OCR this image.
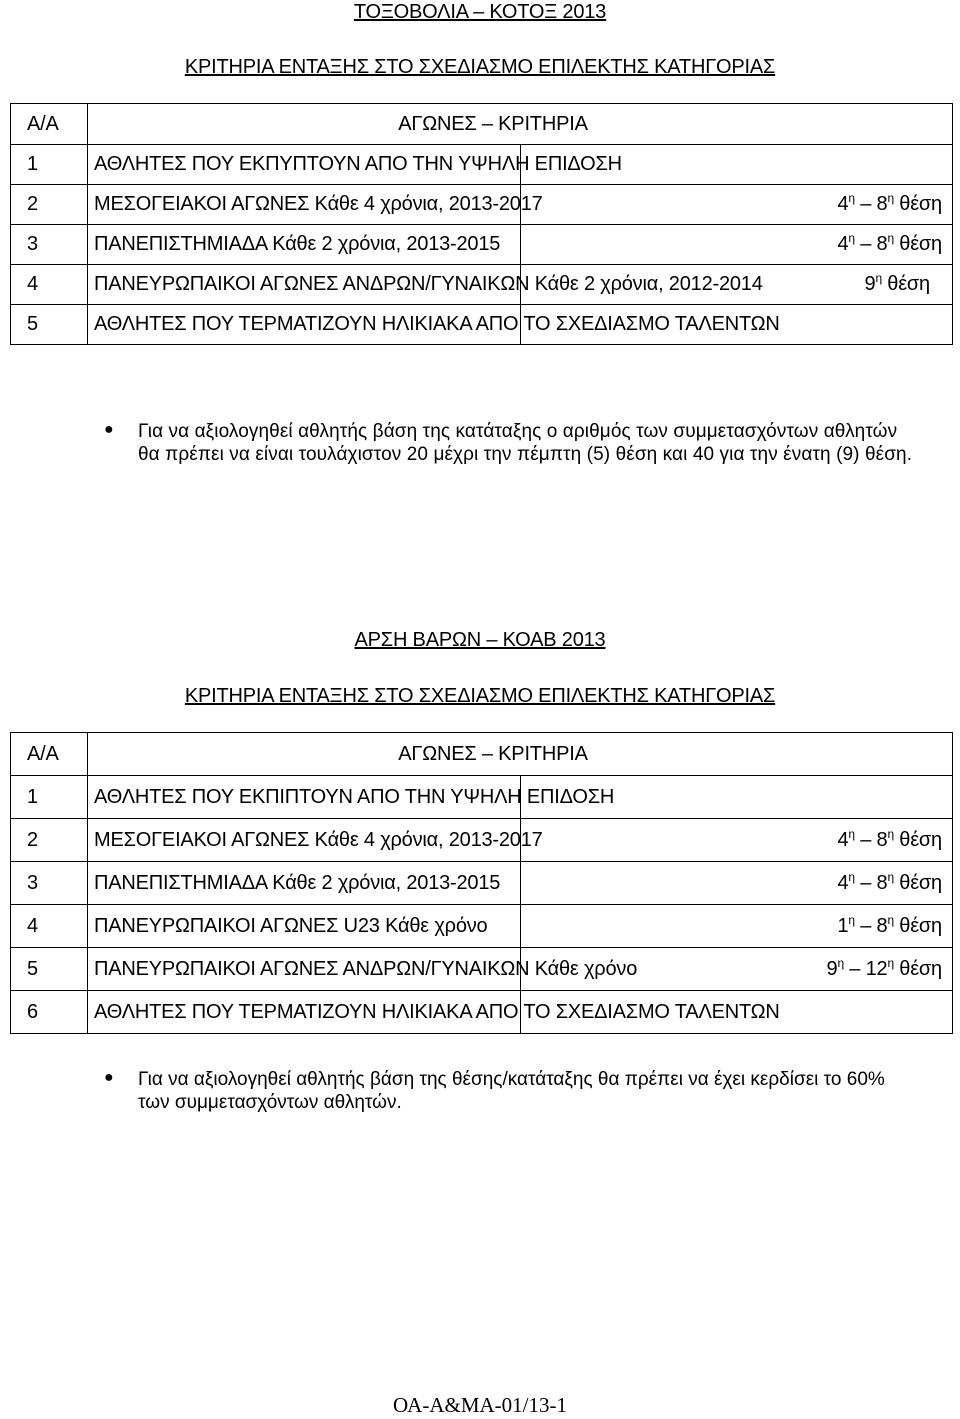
ΤΟΞΟΒΟΛΙΑ – ΚΟΤΟΞ 2013

ΚΡΙΤΗΡΙΑ ΕΝΤΑΞΗΣ ΣΤΟ ΣΧΕΔΙΑΣΜΟ ΕΠΙΛΕΚΤΗΣ ΚΑΤΗΓΟΡΙΑΣ

Α/Α	ΑΓΩΝΕΣ – ΚΡΙΤΗΡΙΑ	
1	ΑΘΛΗΤΕΣ ΠΟΥ ΕΚΠΥΠΤΟΥΝ ΑΠΟ ΤΗΝ ΥΨΗΛΗ ΕΠΙΔΟΣΗ	
2	ΜΕΣΟΓΕΙΑΚΟΙ ΑΓΩΝΕΣ Κάθε 4 χρόνια, 2013-2017	$4^\eta - 8^\eta$ θέση
3	ΠΑΝΕΠΙΣΤΗΜΙΑΔΑ Κάθε 2 χρόνια, 2013-2015	$4^\eta - 8^\eta$ θέση
4	ΠΑΝΕΥΡΩΠΑΙΚΟΙ ΑΓΩΝΕΣ ΑΝΔΡΩΝ/ΓΥΝΑΙΚΩΝ Κάθε 2 χρόνια, 2012-2014	$9^\eta$ θέση
5	ΑΘΛΗΤΕΣ ΠΟΥ ΤΕΡΜΑΤΙΖΟΥΝ ΗΛΙΚΙΑΚΑ ΑΠΟ ΤΟ ΣΧΕΔΙΑΣΜΟ ΤΑΛΕΝΤΩΝ	
● Για να αξιολογηθεί αθλητής βάση της κατάταξης ο αριθμός των συμμετασχόντων αθλητών θα πρέπει να είναι τουλάχιστον 20 μέχρι την πέμπτη (5) θέση και 40 για την ένατη (9) θέση.

ΑΡΣΗ ΒΑΡΩΝ – ΚΟΑΒ 2013

ΚΡΙΤΗΡΙΑ ΕΝΤΑΞΗΣ ΣΤΟ ΣΧΕΔΙΑΣΜΟ ΕΠΙΛΕΚΤΗΣ ΚΑΤΗΓΟΡΙΑΣ

Α/Α	ΑΓΩΝΕΣ – ΚΡΙΤΗΡΙΑ	
1	ΑΘΛΗΤΕΣ ΠΟΥ ΕΚΠΙΠΤΟΥΝ ΑΠΟ ΤΗΝ ΥΨΗΛΗ ΕΠΙΔΟΣΗ	
2	ΜΕΣΟΓΕΙΑΚΟΙ ΑΓΩΝΕΣ Κάθε 4 χρόνια, 2013-2017	$4^\eta - 8^\eta$ θέση
3	ΠΑΝΕΠΙΣΤΗΜΙΑΔΑ Κάθε 2 χρόνια, 2013-2015	$4^\eta - 8^\eta$ θέση
4	ΠΑΝΕΥΡΩΠΑΙΚΟΙ ΑΓΩΝΕΣ U23 Κάθε χρόνο	$1^\eta - 8^\eta$ θέση
5	ΠΑΝΕΥΡΩΠΑΙΚΟΙ ΑΓΩΝΕΣ ΑΝΔΡΩΝ/ΓΥΝΑΙΚΩΝ Κάθε χρόνο	$9^\eta - 12^\eta$ θέση
6	ΑΘΛΗΤΕΣ ΠΟΥ ΤΕΡΜΑΤΙΖΟΥΝ ΗΛΙΚΙΑΚΑ ΑΠΟ ΤΟ ΣΧΕΔΙΑΣΜΟ ΤΑΛΕΝΤΩΝ	
● Για να αξιολογηθεί αθλητής βάση της θέσης/κατάταξης θα πρέπει να έχει κερδίσει το 60% των συμμετασχόντων αθλητών.

ΟΑ-Α&ΜΑ-01/13-1
